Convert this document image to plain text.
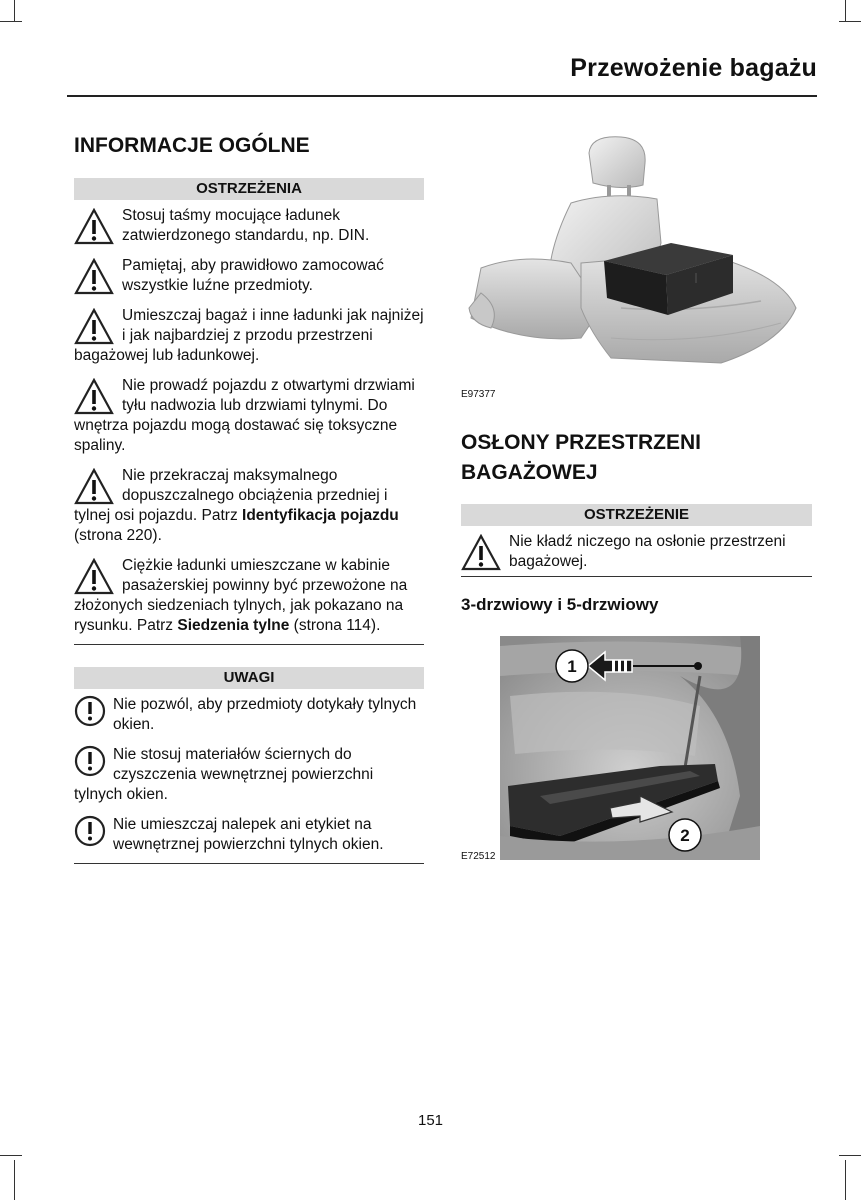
Przewożenie bagażu
INFORMACJE OGÓLNE
OSTRZEŻENIA
Stosuj taśmy mocujące ładunek zatwierdzonego standardu, np. DIN.
Pamiętaj, aby prawidłowo zamocować wszystkie luźne przedmioty.
Umieszczaj bagaż i inne ładunki jak najniżej i jak najbardziej z przodu przestrzeni bagażowej lub ładunkowej.
Nie prowadź pojazdu z otwartymi drzwiami tyłu nadwozia lub drzwiami tylnymi. Do wnętrza pojazdu mogą dostawać się toksyczne spaliny.
Nie przekraczaj maksymalnego dopuszczalnego obciążenia przedniej i tylnej osi pojazdu. Patrz Identyfikacja pojazdu (strona 220).
Ciężkie ładunki umieszczane w kabinie pasażerskiej powinny być przewożone na złożonych siedzeniach tylnych, jak pokazano na rysunku. Patrz Siedzenia tylne (strona 114).
UWAGI
Nie pozwól, aby przedmioty dotykały tylnych okien.
Nie stosuj materiałów ściernych do czyszczenia wewnętrznej powierzchni tylnych okien.
Nie umieszczaj nalepek ani etykiet na wewnętrznej powierzchni tylnych okien.
E97377
OSŁONY PRZESTRZENI
BAGAŻOWEJ
OSTRZEŻENIE
Nie kładź niczego na osłonie przestrzeni bagażowej.
3-drzwiowy i 5-drzwiowy
1
2
E72512
151
